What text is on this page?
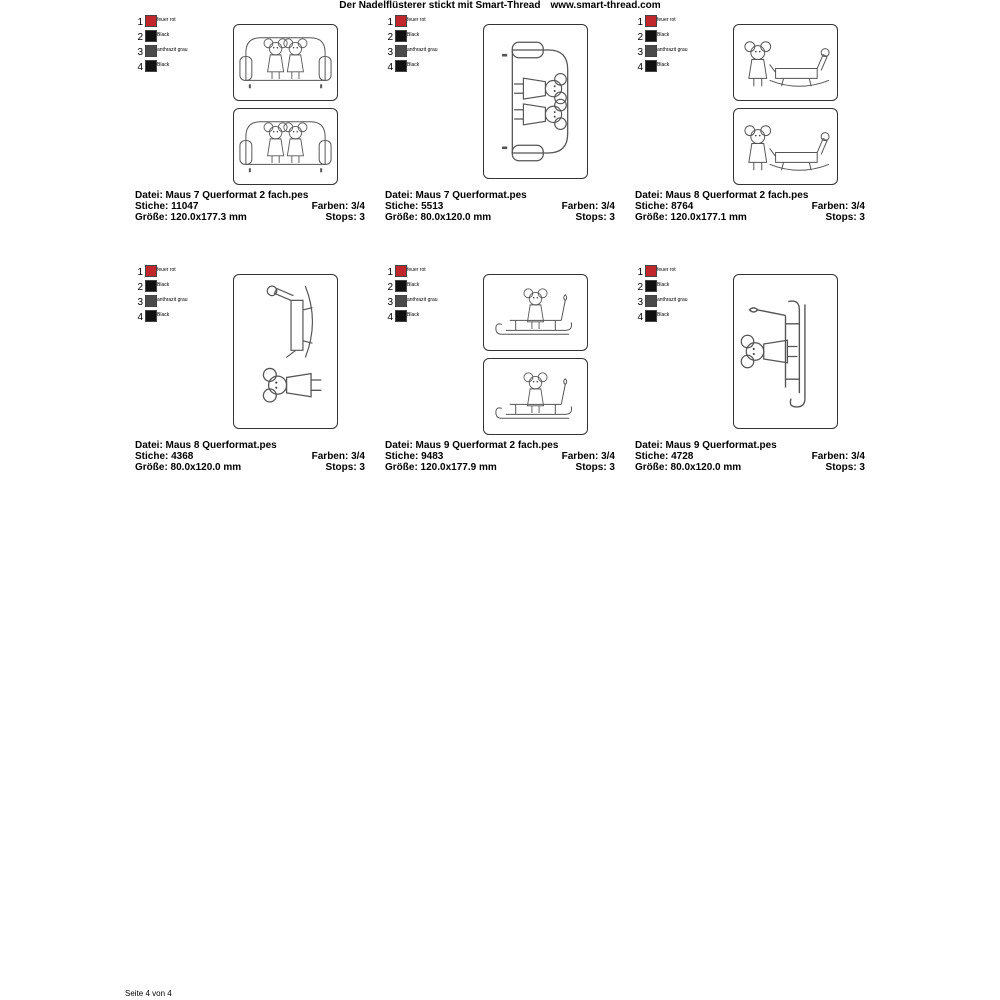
Der Nadelflüsterer stickt mit Smart-Thread www.smart-thread.com
1	feuer rot
2	Black
3	anthrazit grau
4	Black
Datei: Maus 7 Querformat 2 fach.pes
Stiche: 11047	Farben: 3/4
Größe: 120.0x177.3 mm	Stops: 3
1	feuer rot
2	Black
3	anthrazit grau
4	Black
Datei: Maus 7 Querformat.pes
Stiche: 5513	Farben: 3/4
Größe: 80.0x120.0 mm	Stops: 3
1	feuer rot
2	Black
3	anthrazit grau
4	Black
Datei: Maus 8 Querformat 2 fach.pes
Stiche: 8764	Farben: 3/4
Größe: 120.0x177.1 mm	Stops: 3
1	feuer rot
2	Black
3	anthrazit grau
4	Black
Datei: Maus 8 Querformat.pes
Stiche: 4368	Farben: 3/4
Größe: 80.0x120.0 mm	Stops: 3
1	feuer rot
2	Black
3	anthrazit grau
4	Black
Datei: Maus 9 Querformat 2 fach.pes
Stiche: 9483	Farben: 3/4
Größe: 120.0x177.9 mm	Stops: 3
1	feuer rot
2	Black
3	anthrazit grau
4	Black
Datei: Maus 9 Querformat.pes
Stiche: 4728	Farben: 3/4
Größe: 80.0x120.0 mm	Stops: 3
Seite 4 von 4
